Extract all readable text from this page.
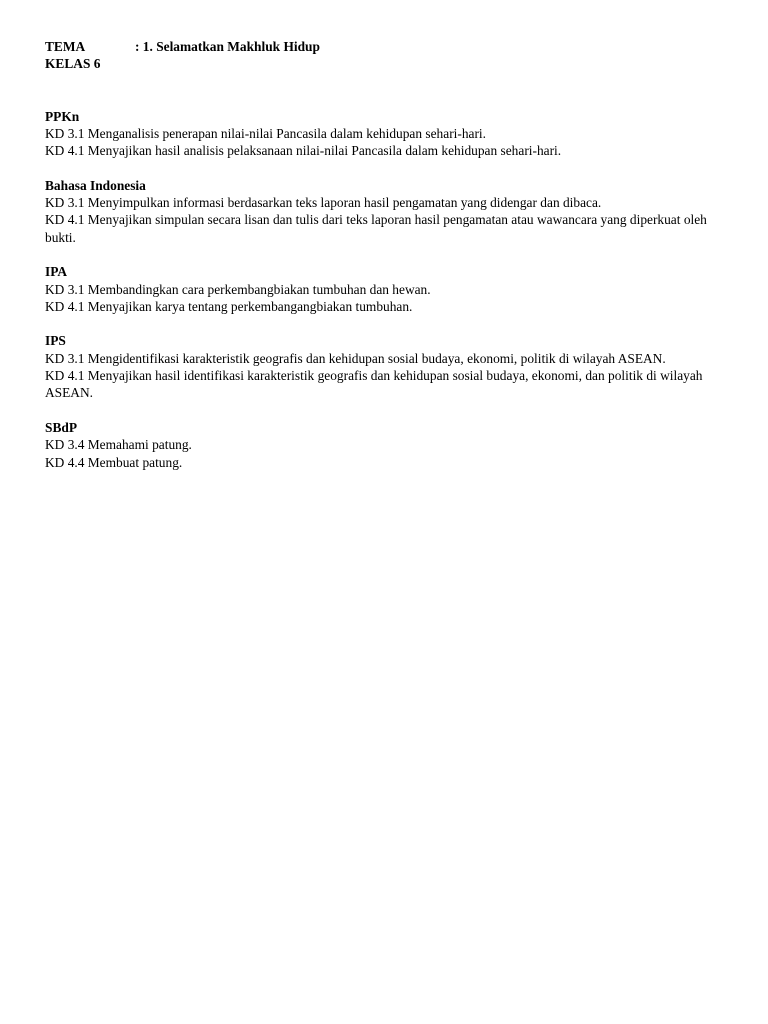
TEMA	: 1. Selamatkan Makhluk Hidup
KELAS 6
PPKn

KD 3.1 Menganalisis penerapan nilai-nilai Pancasila dalam kehidupan sehari-hari.

KD 4.1 Menyajikan hasil analisis pelaksanaan nilai-nilai Pancasila dalam kehidupan sehari-hari.

Bahasa Indonesia

KD 3.1 Menyimpulkan informasi berdasarkan teks laporan hasil pengamatan yang didengar dan dibaca.

KD 4.1 Menyajikan simpulan secara lisan dan tulis dari teks laporan hasil pengamatan atau wawancara yang diperkuat oleh bukti.

IPA

KD 3.1 Membandingkan cara perkembangbiakan tumbuhan dan hewan.

KD 4.1 Menyajikan karya tentang perkembangangbiakan tumbuhan.

IPS

KD 3.1 Mengidentifikasi karakteristik geografis dan kehidupan sosial budaya, ekonomi, politik di wilayah ASEAN.

KD 4.1 Menyajikan hasil identifikasi karakteristik geografis dan kehidupan sosial budaya, ekonomi, dan politik di wilayah ASEAN.

SBdP

KD 3.4 Memahami patung.

KD 4.4 Membuat patung.
